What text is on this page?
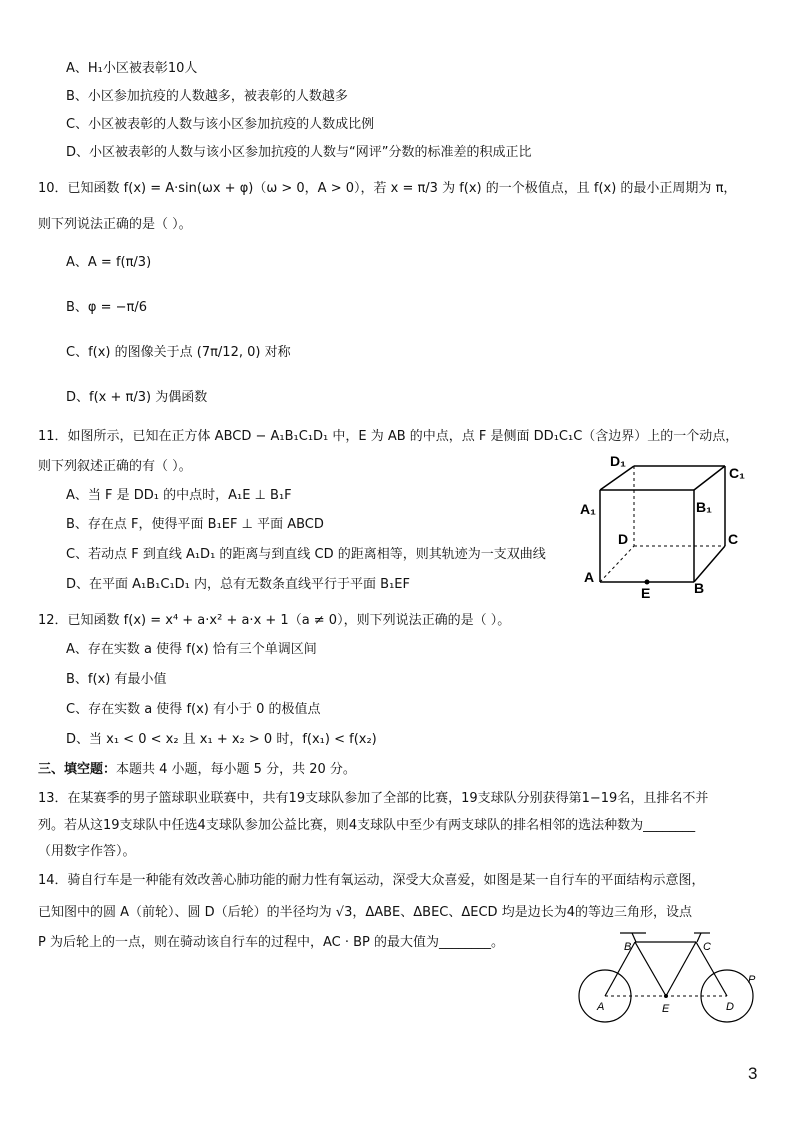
A、H₁小区被表彰10人
B、小区参加抗疫的人数越多，被表彰的人数越多
C、小区被表彰的人数与该小区参加抗疫的人数成比例
D、小区被表彰的人数与该小区参加抗疫的人数与“网评”分数的标准差的积成正比
10．已知函数 f(x) = A·sin(ωx + φ)（ω > 0，A > 0），若 x = π/3 为 f(x) 的一个极值点，且 f(x) 的最小正周期为 π，
则下列说法正确的是（ ）。
A、A = f(π/3)
B、φ = −π/6
C、f(x) 的图像关于点 (7π/12, 0) 对称
D、f(x + π/3) 为偶函数
11．如图所示，已知在正方体 ABCD − A₁B₁C₁D₁ 中，E 为 AB 的中点，点 F 是侧面 DD₁C₁C（含边界）上的一个动点，
则下列叙述正确的有（ ）。
A、当 F 是 DD₁ 的中点时，A₁E ⊥ B₁F
B、存在点 F，使得平面 B₁EF ⊥ 平面 ABCD
C、若动点 F 到直线 A₁D₁ 的距离与到直线 CD 的距离相等，则其轨迹为一支双曲线
D、在平面 A₁B₁C₁D₁ 内，总有无数条直线平行于平面 B₁EF
D₁
C₁
A₁	B₁
D	C
A
B
E
12．已知函数 f(x) = x⁴ + a·x² + a·x + 1（a ≠ 0），则下列说法正确的是（ ）。
A、存在实数 a 使得 f(x) 恰有三个单调区间
B、f(x) 有最小值
C、存在实数 a 使得 f(x) 有小于 0 的极值点
D、当 x₁ < 0 < x₂ 且 x₁ + x₂ > 0 时，f(x₁) < f(x₂)
三、填空题：本题共 4 小题，每小题 5 分，共 20 分。
13．在某赛季的男子篮球职业联赛中，共有19支球队参加了全部的比赛，19支球队分别获得第1−19名，且排名不并
列。若从这19支球队中任选4支球队参加公益比赛，则4支球队中至少有两支球队的排名相邻的选法种数为________
（用数字作答）。
14．骑自行车是一种能有效改善心肺功能的耐力性有氧运动，深受大众喜爱，如图是某一自行车的平面结构示意图，
已知图中的圆 A（前轮）、圆 D（后轮）的半径均为 √3，ΔABE、ΔBEC、ΔECD 均是边长为4的等边三角形，设点
P 为后轮上的一点，则在骑动该自行车的过程中，AC · BP 的最大值为________。
A
B	C
D
E
P
3
